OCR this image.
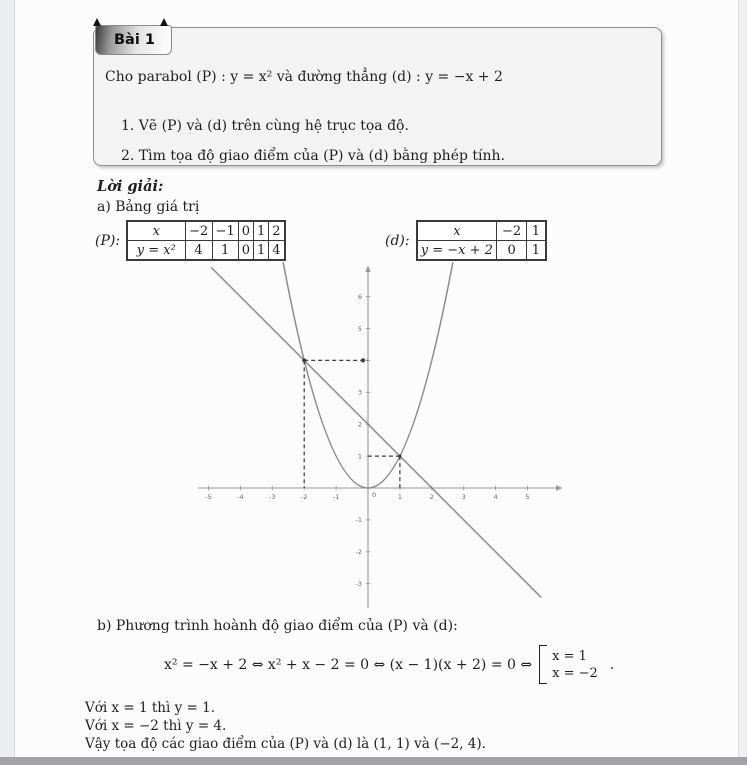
Bài 1
Cho parabol (P) : y = x² và đường thẳng (d) : y = −x + 2
1. Vẽ (P) và (d) trên cùng hệ trục tọa độ.
2. Tìm tọa độ giao điểm của (P) và (d) bằng phép tính.
Lời giải:
a) Bảng giá trị
(P):
x	−2	−1	0	1	2
y = x²	4	1	0	1	4
(d):
x	−2	1
y = −x + 2	0	1
-5	-4	-3	-2	-1	1	2	3	4	5
-3
-2
-1
1
2
3
5
6
0
b) Phương trình hoành độ giao điểm của (P) và (d):
x² = −x + 2 ⇔ x² + x − 2 = 0 ⇔ (x − 1)(x + 2) = 0 ⇔
x = 1
x = −2
.
Với x = 1 thì y = 1.
Với x = −2 thì y = 4.
Vậy tọa độ các giao điểm của (P) và (d) là (1, 1) và (−2, 4).
